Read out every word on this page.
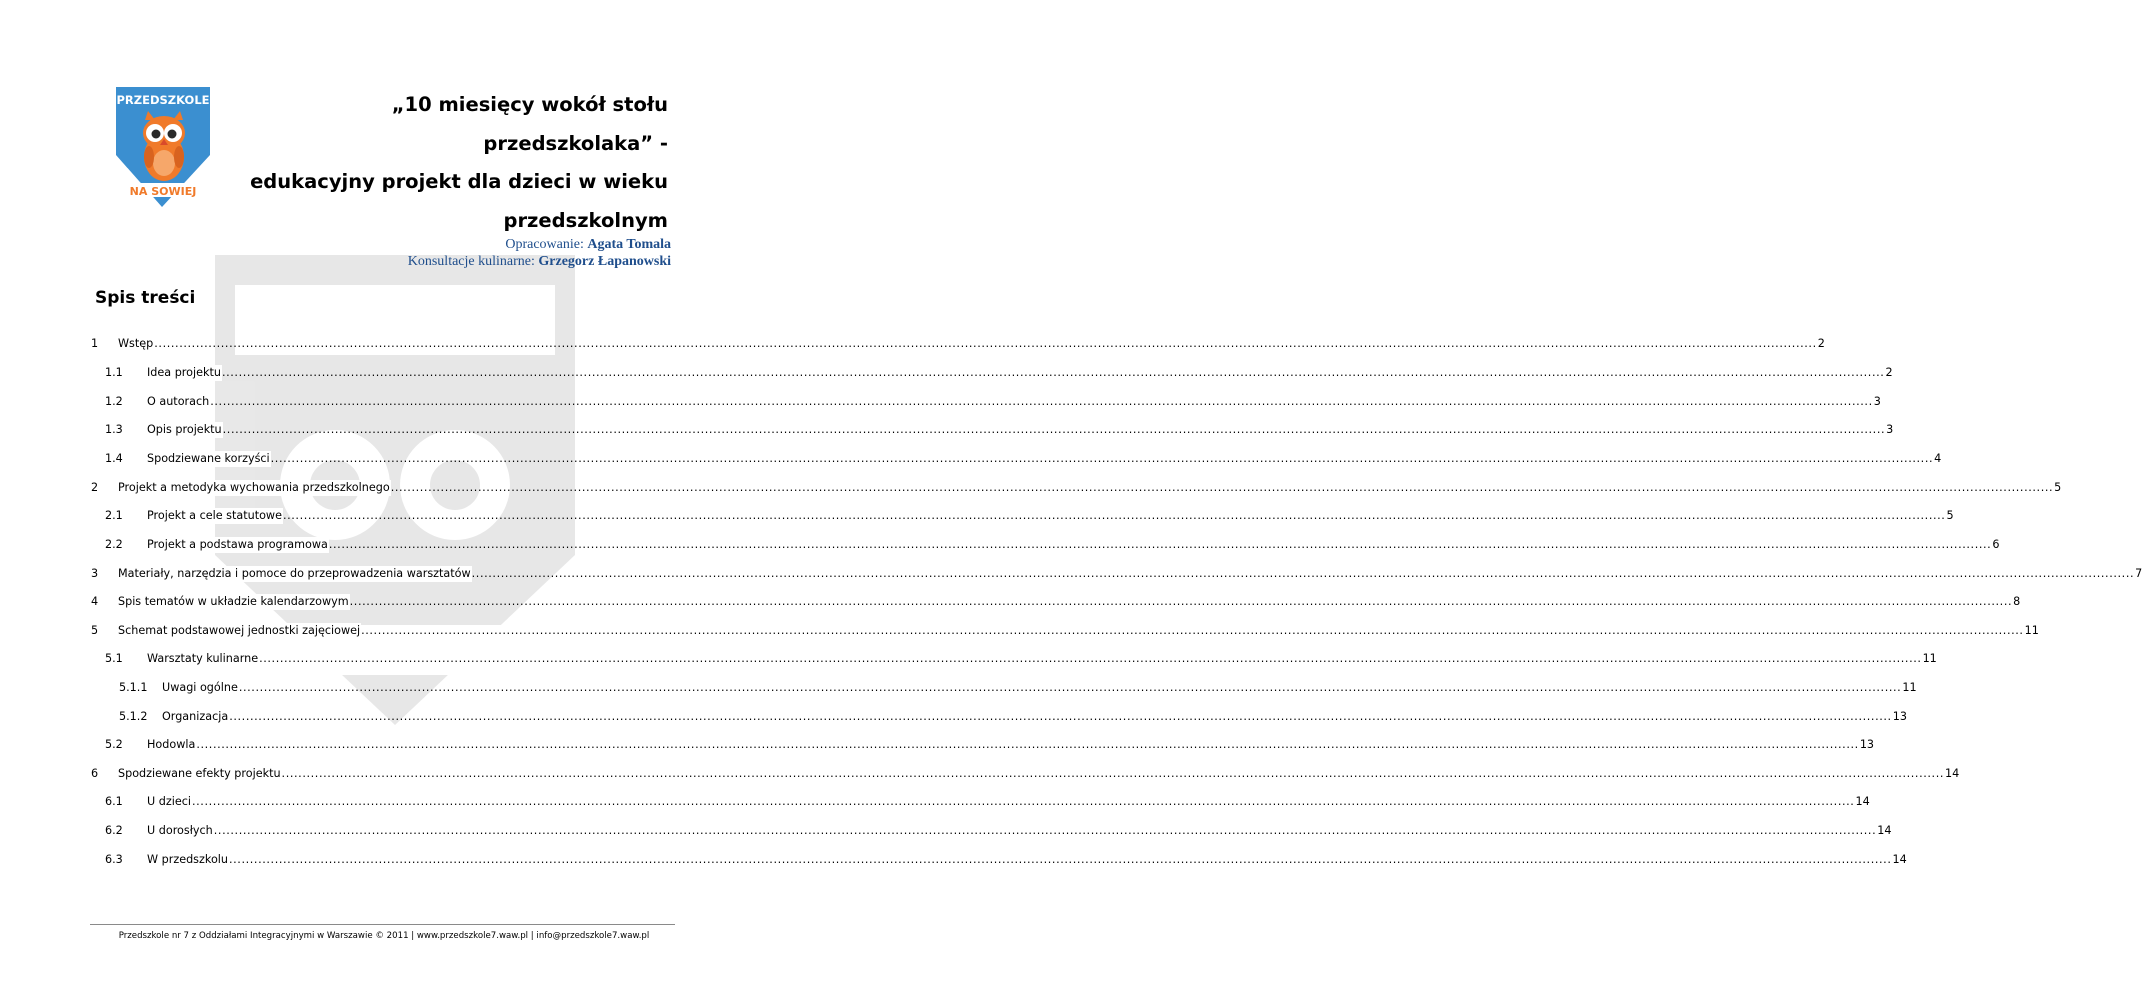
PRZEDSZKOLE
NA SOWIEJ
„10 miesięcy wokół stołu
przedszkolaka” -
edukacyjny projekt dla dzieci w wieku
przedszkolnym
Opracowanie: Agata Tomala
Konsultacje kulinarne: Grzegorz Łapanowski
Spis treści
1 Wstęp ................................................................................................................................................................................................................................................................................................................................................................................................................ 2
1.1 Idea projektu ................................................................................................................................................................................................................................................................................................................................................................................................................ 2
1.2 O autorach ................................................................................................................................................................................................................................................................................................................................................................................................................ 3
1.3 Opis projektu ................................................................................................................................................................................................................................................................................................................................................................................................................ 3
1.4 Spodziewane korzyści ................................................................................................................................................................................................................................................................................................................................................................................................................ 4
2 Projekt a metodyka wychowania przedszkolnego ................................................................................................................................................................................................................................................................................................................................................................................................................ 5
2.1 Projekt a cele statutowe ................................................................................................................................................................................................................................................................................................................................................................................................................ 5
2.2 Projekt a podstawa programowa ................................................................................................................................................................................................................................................................................................................................................................................................................ 6
3 Materiały, narzędzia i pomoce do przeprowadzenia warsztatów ................................................................................................................................................................................................................................................................................................................................................................................................................ 7
4 Spis tematów w układzie kalendarzowym ................................................................................................................................................................................................................................................................................................................................................................................................................ 8
5 Schemat podstawowej jednostki zajęciowej ................................................................................................................................................................................................................................................................................................................................................................................................................ 11
5.1 Warsztaty kulinarne ................................................................................................................................................................................................................................................................................................................................................................................................................ 11
5.1.1 Uwagi ogólne ................................................................................................................................................................................................................................................................................................................................................................................................................ 11
5.1.2 Organizacja ................................................................................................................................................................................................................................................................................................................................................................................................................ 13
5.2 Hodowla ................................................................................................................................................................................................................................................................................................................................................................................................................ 13
6 Spodziewane efekty projektu ................................................................................................................................................................................................................................................................................................................................................................................................................ 14
6.1 U dzieci ................................................................................................................................................................................................................................................................................................................................................................................................................ 14
6.2 U dorosłych ................................................................................................................................................................................................................................................................................................................................................................................................................ 14
6.3 W przedszkolu ................................................................................................................................................................................................................................................................................................................................................................................................................ 14
Przedszkole nr 7 z Oddziałami Integracyjnymi w Warszawie © 2011 | www.przedszkole7.waw.pl | info@przedszkole7.waw.pl
